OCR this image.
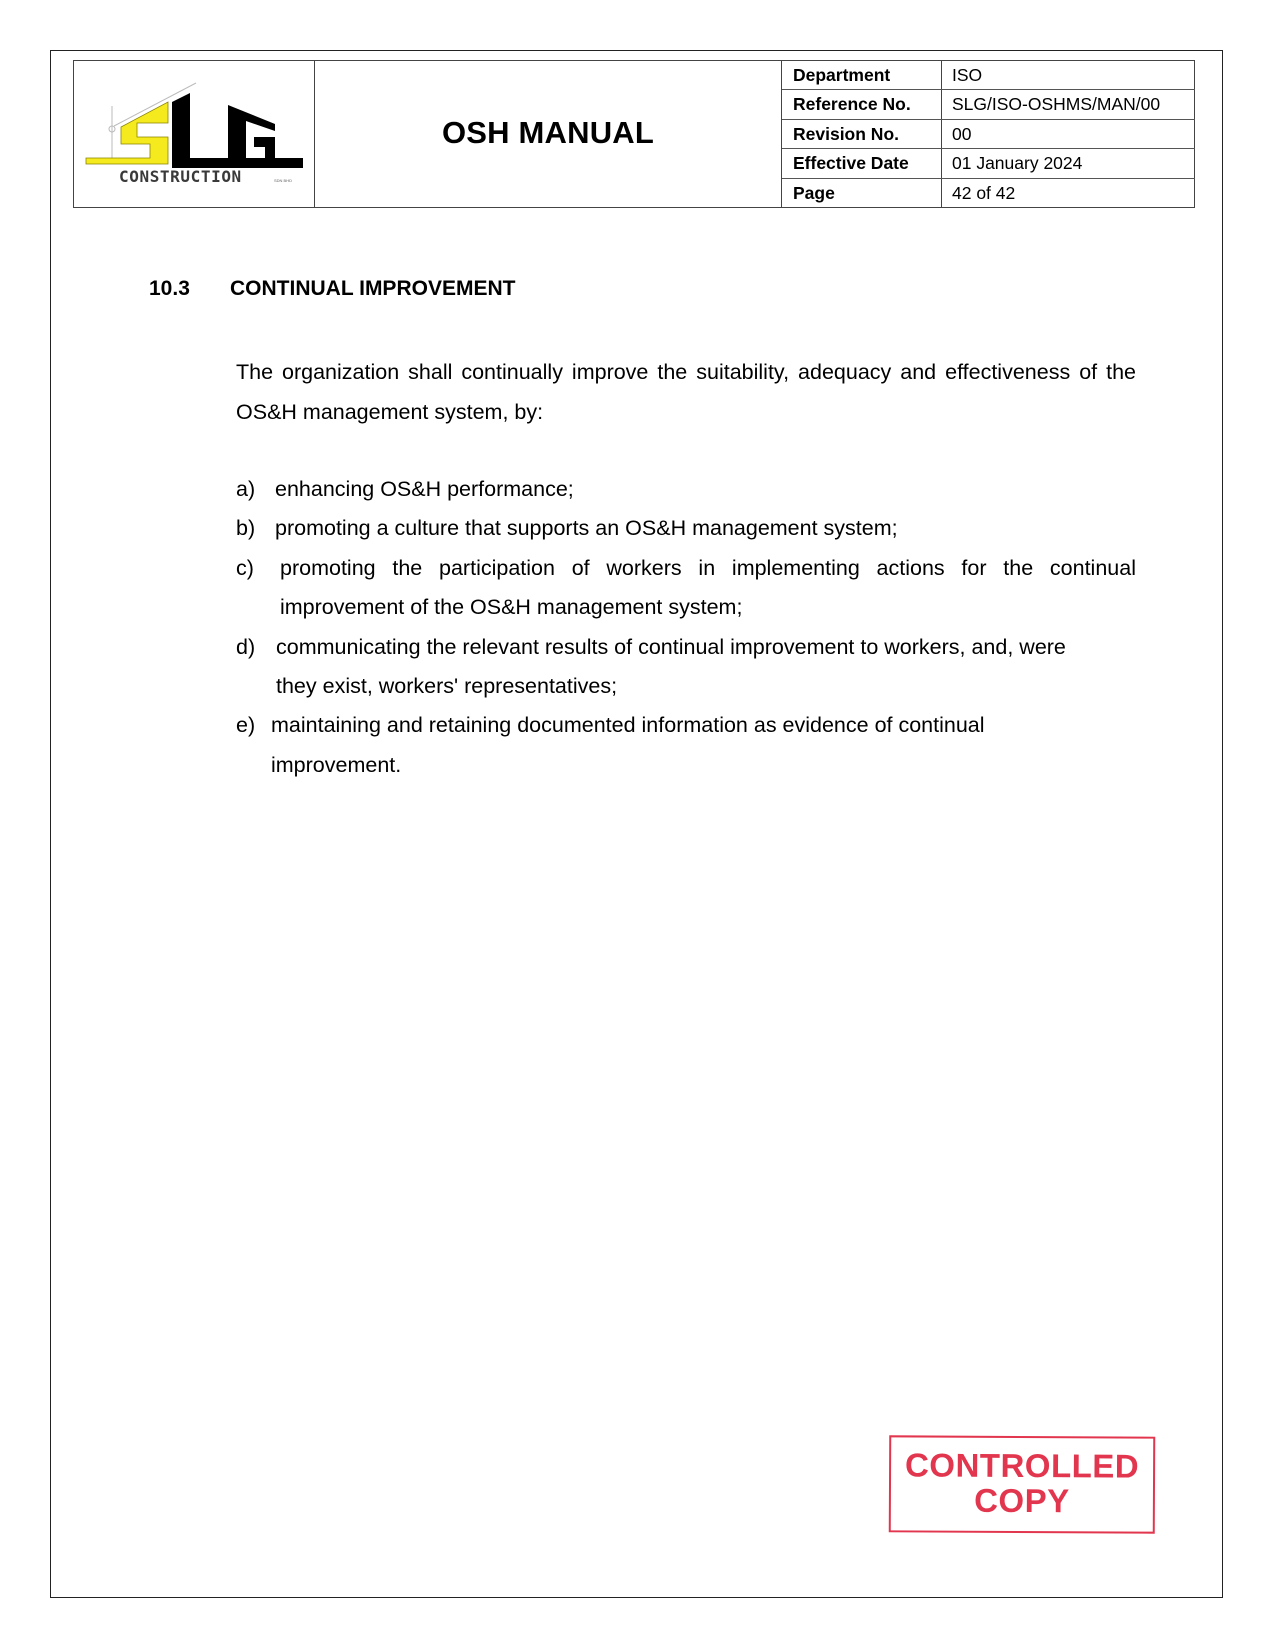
CONSTRUCTION	SDN BHD
OSH MANUAL
Department	ISO
Reference No.	SLG/ISO-OSHMS/MAN/00
Revision No.	00
Effective Date	01 January 2024
Page	42 of 42
10.3 CONTINUAL IMPROVEMENT
The organization shall continually improve the suitability, adequacy and effectiveness of the OS&H management system, by:
a) enhancing OS&H performance;
b) promoting a culture that supports an OS&H management system;
c)	promoting the participation of workers in implementing actions for the continual improvement of the OS&H management system;
d) communicating the relevant results of continual improvement to workers, and, were they exist, workers' representatives;
e) maintaining and retaining documented information as evidence of continual improvement.
CONTROLLED
COPY
